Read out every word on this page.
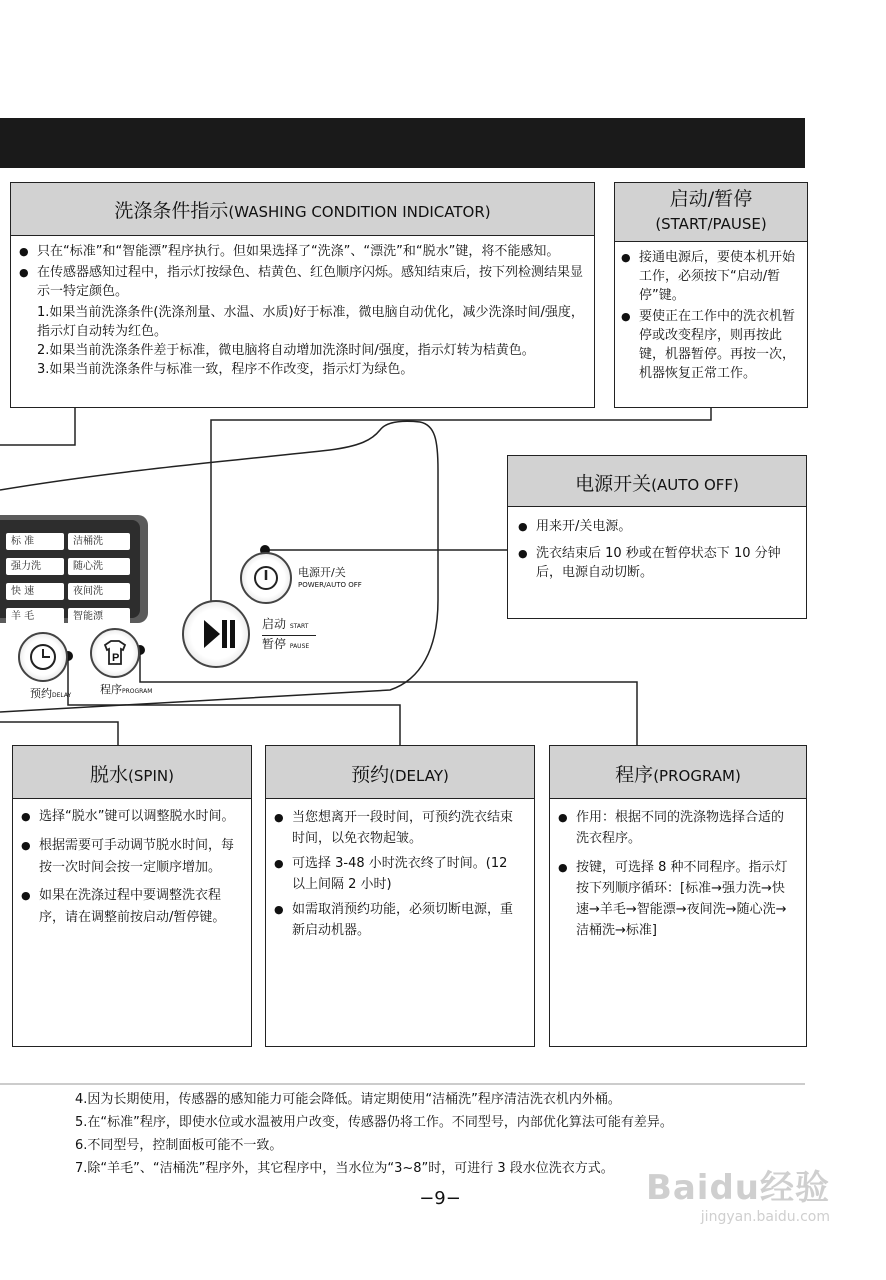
洗涤条件指示(WASHING CONDITION INDICATOR)
● 只在“标准”和“智能漂”程序执行。但如果选择了“洗涤”、“漂洗”和“脱水”键，将不能感知。
● 在传感器感知过程中，指示灯按绿色、桔黄色、红色顺序闪烁。感知结束后，按下列检测结果显示一特定颜色。

1.如果当前洗涤条件(洗涤剂量、水温、水质)好于标准，微电脑自动优化，减少洗涤时间/强度，指示灯自动转为红色。

2.如果当前洗涤条件差于标准，微电脑将自动增加洗涤时间/强度，指示灯转为桔黄色。

3.如果当前洗涤条件与标准一致，程序不作改变，指示灯为绿色。

启动/暂停
(START/PAUSE)
● 接通电源后，要使本机开始工作，必须按下“启动/暂停”键。
● 要使正在工作中的洗衣机暂停或改变程序，则再按此键，机器暂停。再按一次，机器恢复正常工作。
电源开关(AUTO OFF)
● 用来开/关电源。
● 洗衣结束后 10 秒或在暂停状态下 10 分钟后，电源自动切断。
标 准	洁桶洗
强力洗	随心洗
快 速	夜间洗
羊 毛	智能漂
电源开/关
POWER/AUTO OFF
启动 START
暂停 PAUSE
预约DELAY
P
程序PROGRAM
脱水(SPIN)
● 选择“脱水”键可以调整脱水时间。
● 根据需要可手动调节脱水时间，每按一次时间会按一定顺序增加。
● 如果在洗涤过程中要调整洗衣程序，请在调整前按启动/暂停键。
预约(DELAY)
● 当您想离开一段时间，可预约洗衣结束时间，以免衣物起皱。
● 可选择 3-48 小时洗衣终了时间。(12 以上间隔 2 小时)
● 如需取消预约功能，必须切断电源，重新启动机器。
程序(PROGRAM)
● 作用：根据不同的洗涤物选择合适的洗衣程序。
● 按键，可选择 8 种不同程序。指示灯按下列顺序循环：[标准→强力洗→快速→羊毛→智能漂→夜间洗→随心洗→洁桶洗→标准]

4.因为长期使用，传感器的感知能力可能会降低。请定期使用“洁桶洗”程序清洁洗衣机内外桶。

5.在“标准”程序，即使水位或水温被用户改变，传感器仍将工作。不同型号，内部优化算法可能有差异。

6.不同型号，控制面板可能不一致。

7.除“羊毛”、“洁桶洗”程序外，其它程序中，当水位为“3~8”时，可进行 3 段水位洗衣方式。

−9−	Baidu经验
jingyan.baidu.com
